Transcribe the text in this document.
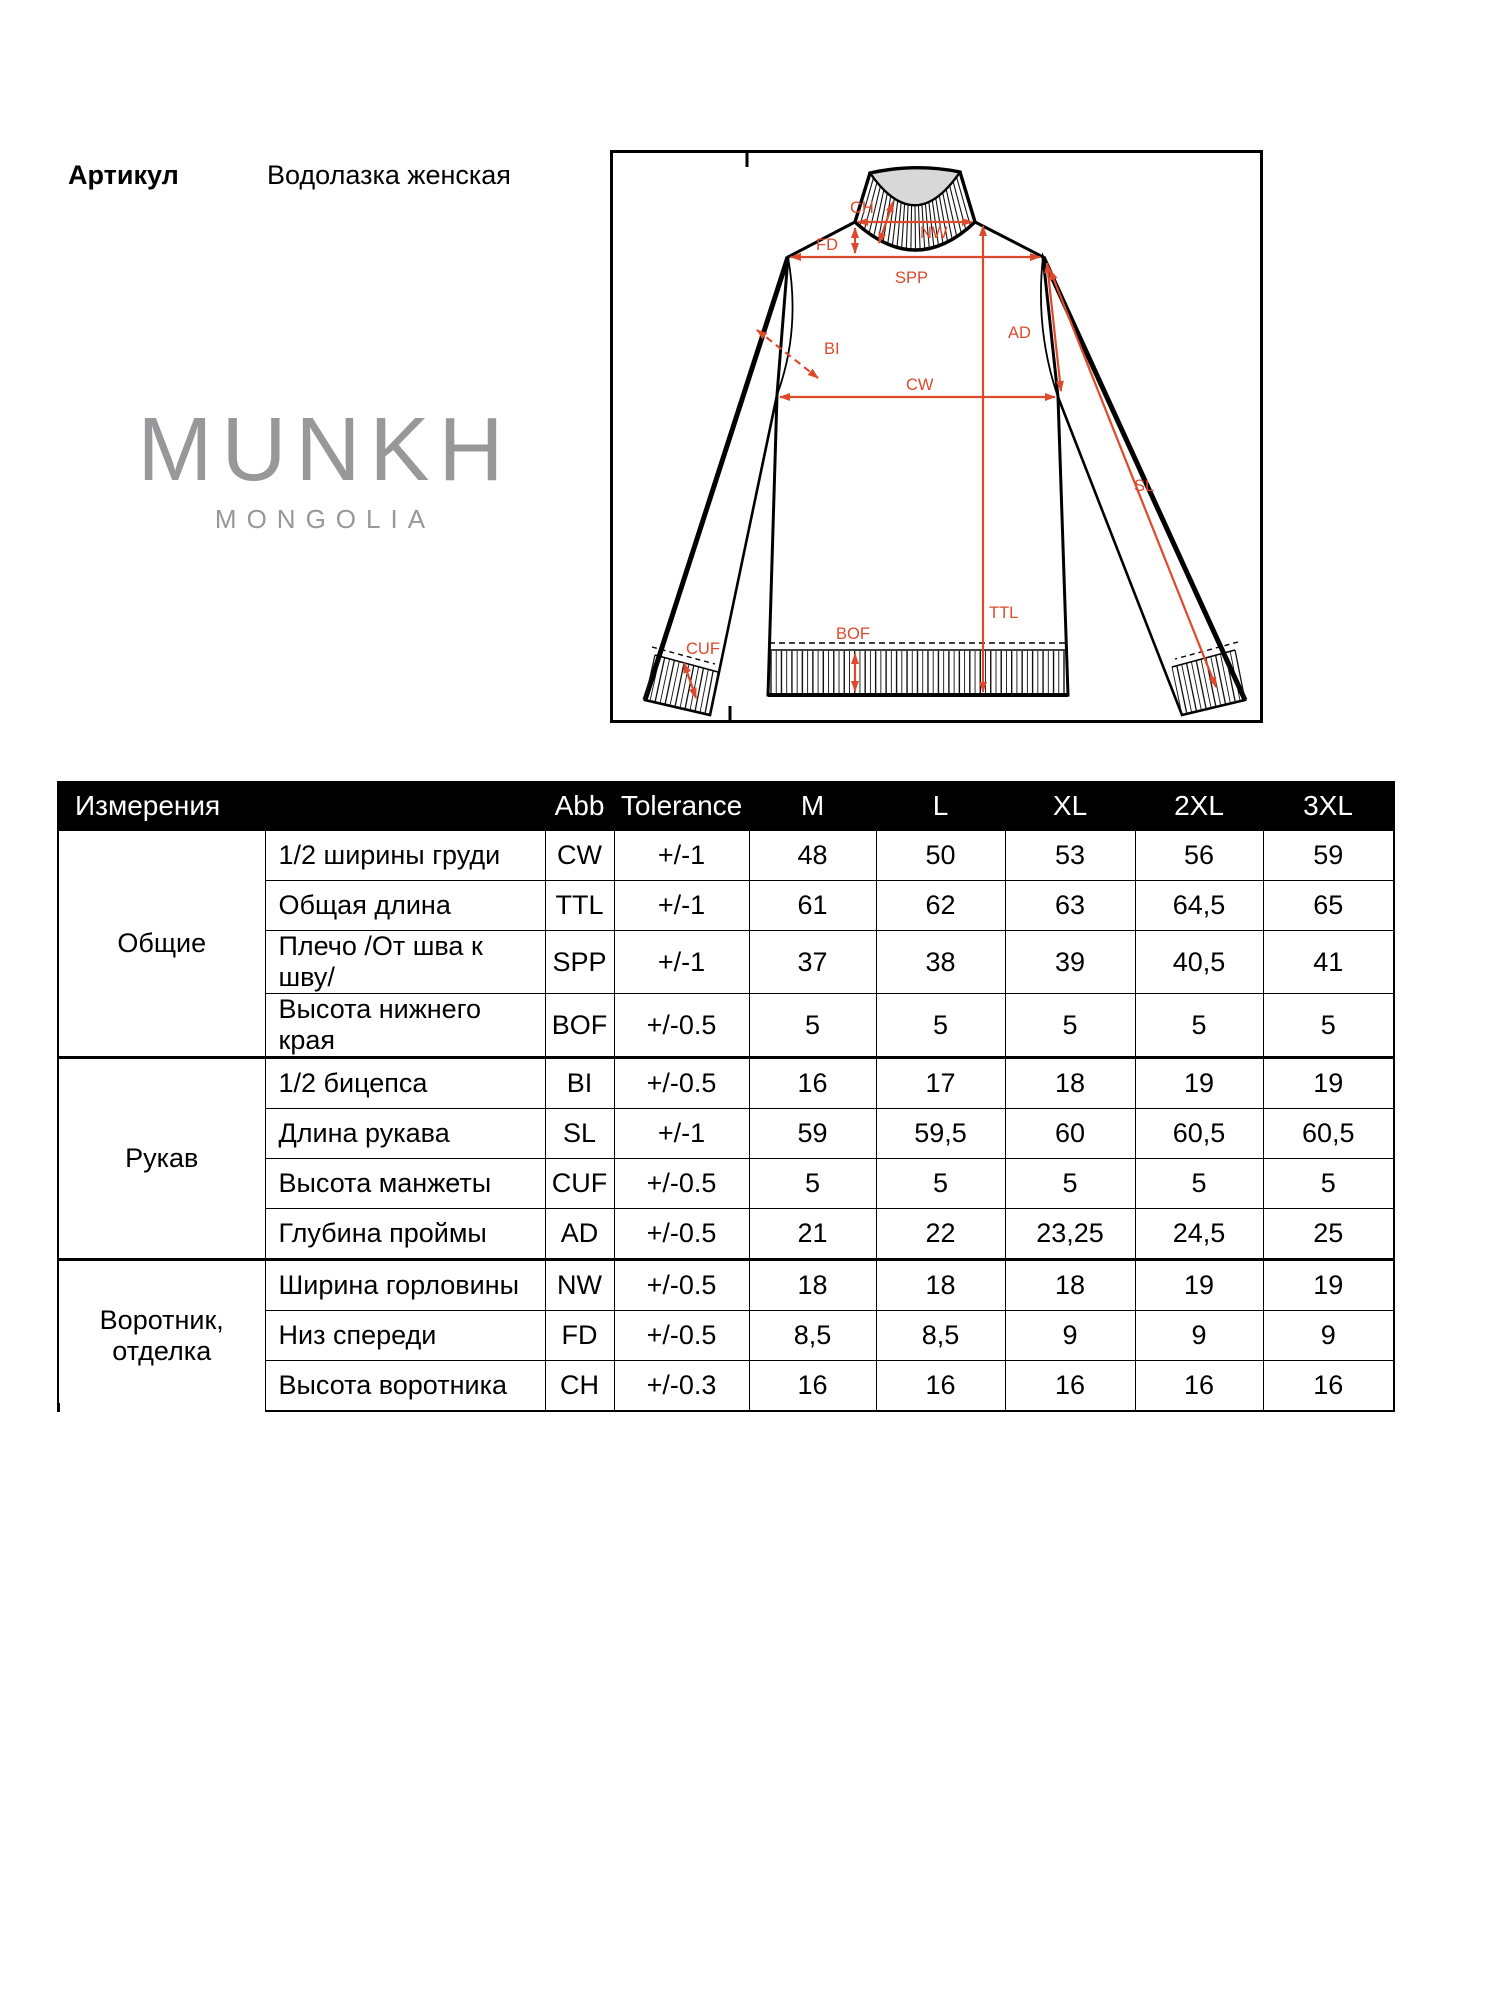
Артикул	Водолазка женская
MUNKH
MONGOLIA
CH
NW
FD
SPP
AD
BI
CW
SL
TTL
BOF
CUF
Измерения		Abb	Tolerance	M	L	XL	2XL	3XL
Общие	1/2 ширины груди	CW	+/-1	48	50	53	56	59
	Общая длина	TTL	+/-1	61	62	63	64,5	65
	Плечо /От шва к шву/	SPP	+/-1	37	38	39	40,5	41
	Высота нижнего края	BOF	+/-0.5	5	5	5	5	5
Рукав	1/2 бицепса	BI	+/-0.5	16	17	18	19	19
	Длина рукава	SL	+/-1	59	59,5	60	60,5	60,5
	Высота манжеты	CUF	+/-0.5	5	5	5	5	5
	Глубина проймы	AD	+/-0.5	21	22	23,25	24,5	25
Воротник, отделка	Ширина горловины	NW	+/-0.5	18	18	18	19	19
	Низ спереди	FD	+/-0.5	8,5	8,5	9	9	9
	Высота воротника	CH	+/-0.3	16	16	16	16	16
